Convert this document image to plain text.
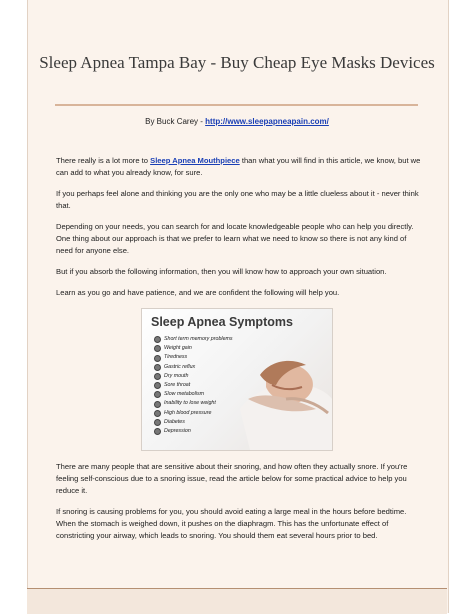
Sleep Apnea Tampa Bay - Buy Cheap Eye Masks Devices
By Buck Carey - http://www.sleepapneapain.com/

There really is a lot more to Sleep Apnea Mouthpiece than what you will find in this article, we know, but we can add to what you already know, for sure.

If you perhaps feel alone and thinking you are the only one who may be a little clueless about it - never think that.

Depending on your needs, you can search for and locate knowledgeable people who can help you directly. One thing about our approach is that we prefer to learn what we need to know so there is not any kind of need for anyone else.

But if you absorb the following information, then you will know how to approach your own situation.

Learn as you go and have patience, and we are confident the following will help you.

Sleep Apnea Symptoms
Short term memory problems
Weight gain
Tiredness
Gastric reflux
Dry mouth
Sore throat
Slow metabolism
Inability to lose weight
High blood pressure
Diabetes
Depression

There are many people that are sensitive about their snoring, and how often they actually snore. If you're feeling self-conscious due to a snoring issue, read the article below for some practical advice to help you reduce it.

If snoring is causing problems for you, you should avoid eating a large meal in the hours before bedtime. When the stomach is weighed down, it pushes on the diaphragm. This has the unfortunate effect of constricting your airway, which leads to snoring. You should them eat several hours prior to bed.
